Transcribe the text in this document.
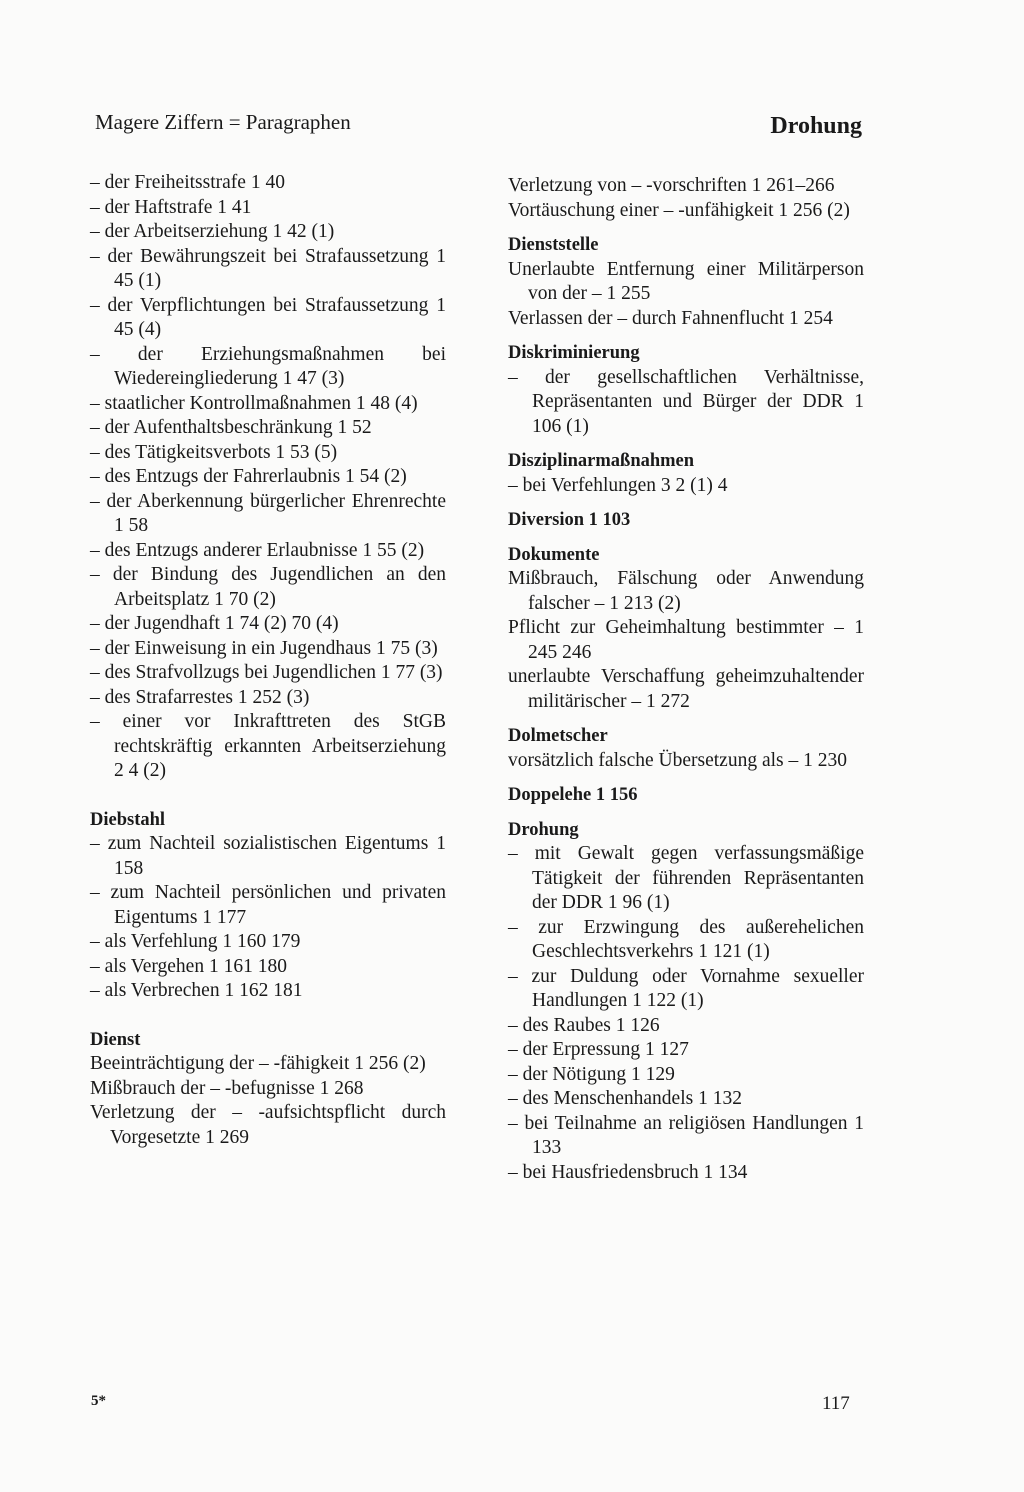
Magere Ziffern = Paragraphen	Drohung
– der Freiheitsstrafe 1 40
– der Haftstrafe 1 41
– der Arbeitserziehung 1 42 (1)
– der Bewährungszeit bei Strafaussetzung 1 45 (1)
– der Verpflichtungen bei Strafaussetzung 1 45 (4)
– der Erziehungsmaßnahmen bei Wiedereingliederung 1 47 (3)
– staatlicher Kontrollmaßnahmen 1 48 (4)
– der Aufenthaltsbeschränkung 1 52
– des Tätigkeitsverbots 1 53 (5)
– des Entzugs der Fahrerlaubnis 1 54 (2)
– der Aberkennung bürgerlicher Ehrenrechte 1 58
– des Entzugs anderer Erlaubnisse 1 55 (2)
– der Bindung des Jugendlichen an den Arbeitsplatz 1 70 (2)
– der Jugendhaft 1 74 (2) 70 (4)
– der Einweisung in ein Jugendhaus 1 75 (3)
– des Strafvollzugs bei Jugendlichen 1 77 (3)
– des Strafarrestes 1 252 (3)
– einer vor Inkrafttreten des StGB rechtskräftig erkannten Arbeitserziehung 2 4 (2)
Diebstahl
– zum Nachteil sozialistischen Eigentums 1 158
– zum Nachteil persönlichen und privaten Eigentums 1 177
– als Verfehlung 1 160 179
– als Vergehen 1 161 180
– als Verbrechen 1 162 181
Dienst
Beeinträchtigung der – -fähigkeit 1 256 (2)
Mißbrauch der – -befugnisse 1 268
Verletzung der – -aufsichtspflicht durch Vorgesetzte 1 269
Verletzung von – -vorschriften 1 261–266
Vortäuschung einer – -unfähigkeit 1 256 (2)
Dienststelle
Unerlaubte Entfernung einer Militärperson von der – 1 255
Verlassen der – durch Fahnenflucht 1 254
Diskriminierung
– der gesellschaftlichen Verhältnisse, Repräsentanten und Bürger der DDR 1 106 (1)
Disziplinarmaßnahmen
– bei Verfehlungen 3 2 (1) 4
Diversion 1 103
Dokumente
Mißbrauch, Fälschung oder Anwendung falscher – 1 213 (2)
Pflicht zur Geheimhaltung bestimmter – 1 245 246
unerlaubte Verschaffung geheimzuhaltender militärischer – 1 272
Dolmetscher
vorsätzlich falsche Übersetzung als – 1 230
Doppelehe 1 156
Drohung
– mit Gewalt gegen verfassungsmäßige Tätigkeit der führenden Repräsentanten der DDR 1 96 (1)
– zur Erzwingung des außerehelichen Geschlechtsverkehrs 1 121 (1)
– zur Duldung oder Vornahme sexueller Handlungen 1 122 (1)
– des Raubes 1 126
– der Erpressung 1 127
– der Nötigung 1 129
– des Menschenhandels 1 132
– bei Teilnahme an religiösen Handlungen 1 133
– bei Hausfriedensbruch 1 134
5*	117
